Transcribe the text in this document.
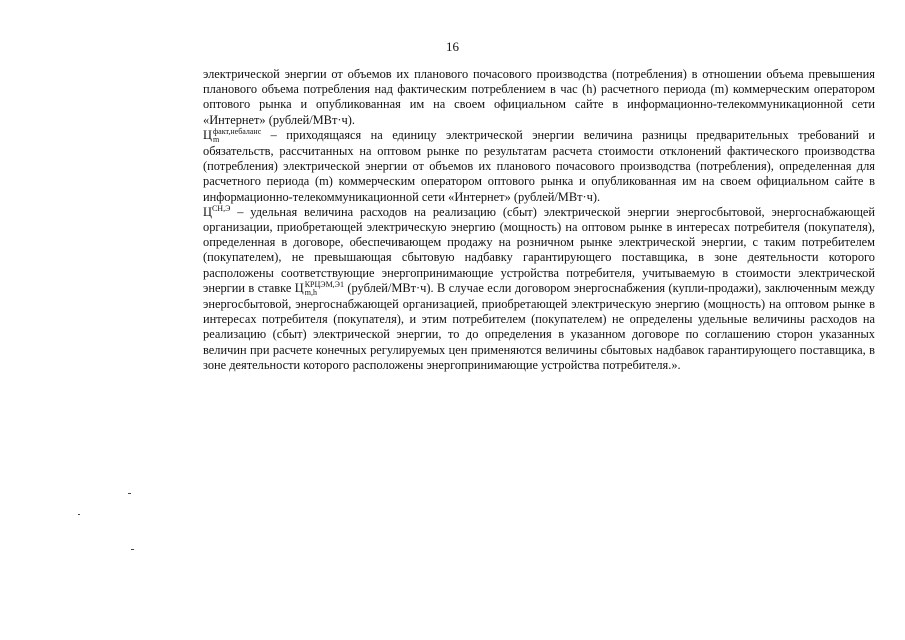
16

электрической энергии от объемов их планового почасового производства (потребления) в отношении объема превышения планового объема потребления над фактическим потреблением в час (h) расчетного периода (m) коммерческим оператором оптового рынка и опубликованная им на своем официальном сайте в информационно-телекоммуникационной сети «Интернет» (рублей/МВт·ч).

Ц факт,небаланс
m	– приходящаяся на единицу электрической энергии величина разницы предварительных требований и обязательств, рассчитанных на оптовом рынке по результатам расчета стоимости отклонений фактического производства (потребления) электрической энергии от объемов их планового почасового производства (потребления), определенная для расчетного периода (m) коммерческим оператором оптового рынка и опубликованная им на своем официальном сайте в информационно-телекоммуникационной сети «Интернет» (рублей/МВт·ч).

$Ц^{СН,Э}$ – удельная величина расходов на реализацию (сбыт) электрической энергии энергосбытовой, энергоснабжающей организации, приобретающей электрическую энергию (мощность) на оптовом рынке в интересах потребителя (покупателя), определенная в договоре, обеспечивающем продажу на розничном рынке электрической энергии, с таким потребителем (покупателем), не превышающая сбытовую надбавку гарантирующего поставщика, в зоне деятельности которого расположены соответствующие энергопринимающие устройства потребителя, учитываемую в стоимости электрической энергии в ставке Ц КРЦЭМ,Э1
m,h	(рублей/МВт·ч). В случае если договором энергоснабжения (купли-продажи), заключенным между энергосбытовой, энергоснабжающей организацией, приобретающей электрическую энергию (мощность) на оптовом рынке в интересах потребителя (покупателя), и этим потребителем (покупателем) не определены удельные величины расходов на реализацию (сбыт) электрической энергии, то до определения в указанном договоре по соглашению сторон указанных величин при расчете конечных регулируемых цен применяются величины сбытовых надбавок гарантирующего поставщика, в зоне деятельности которого расположены энергопринимающие устройства потребителя.».
